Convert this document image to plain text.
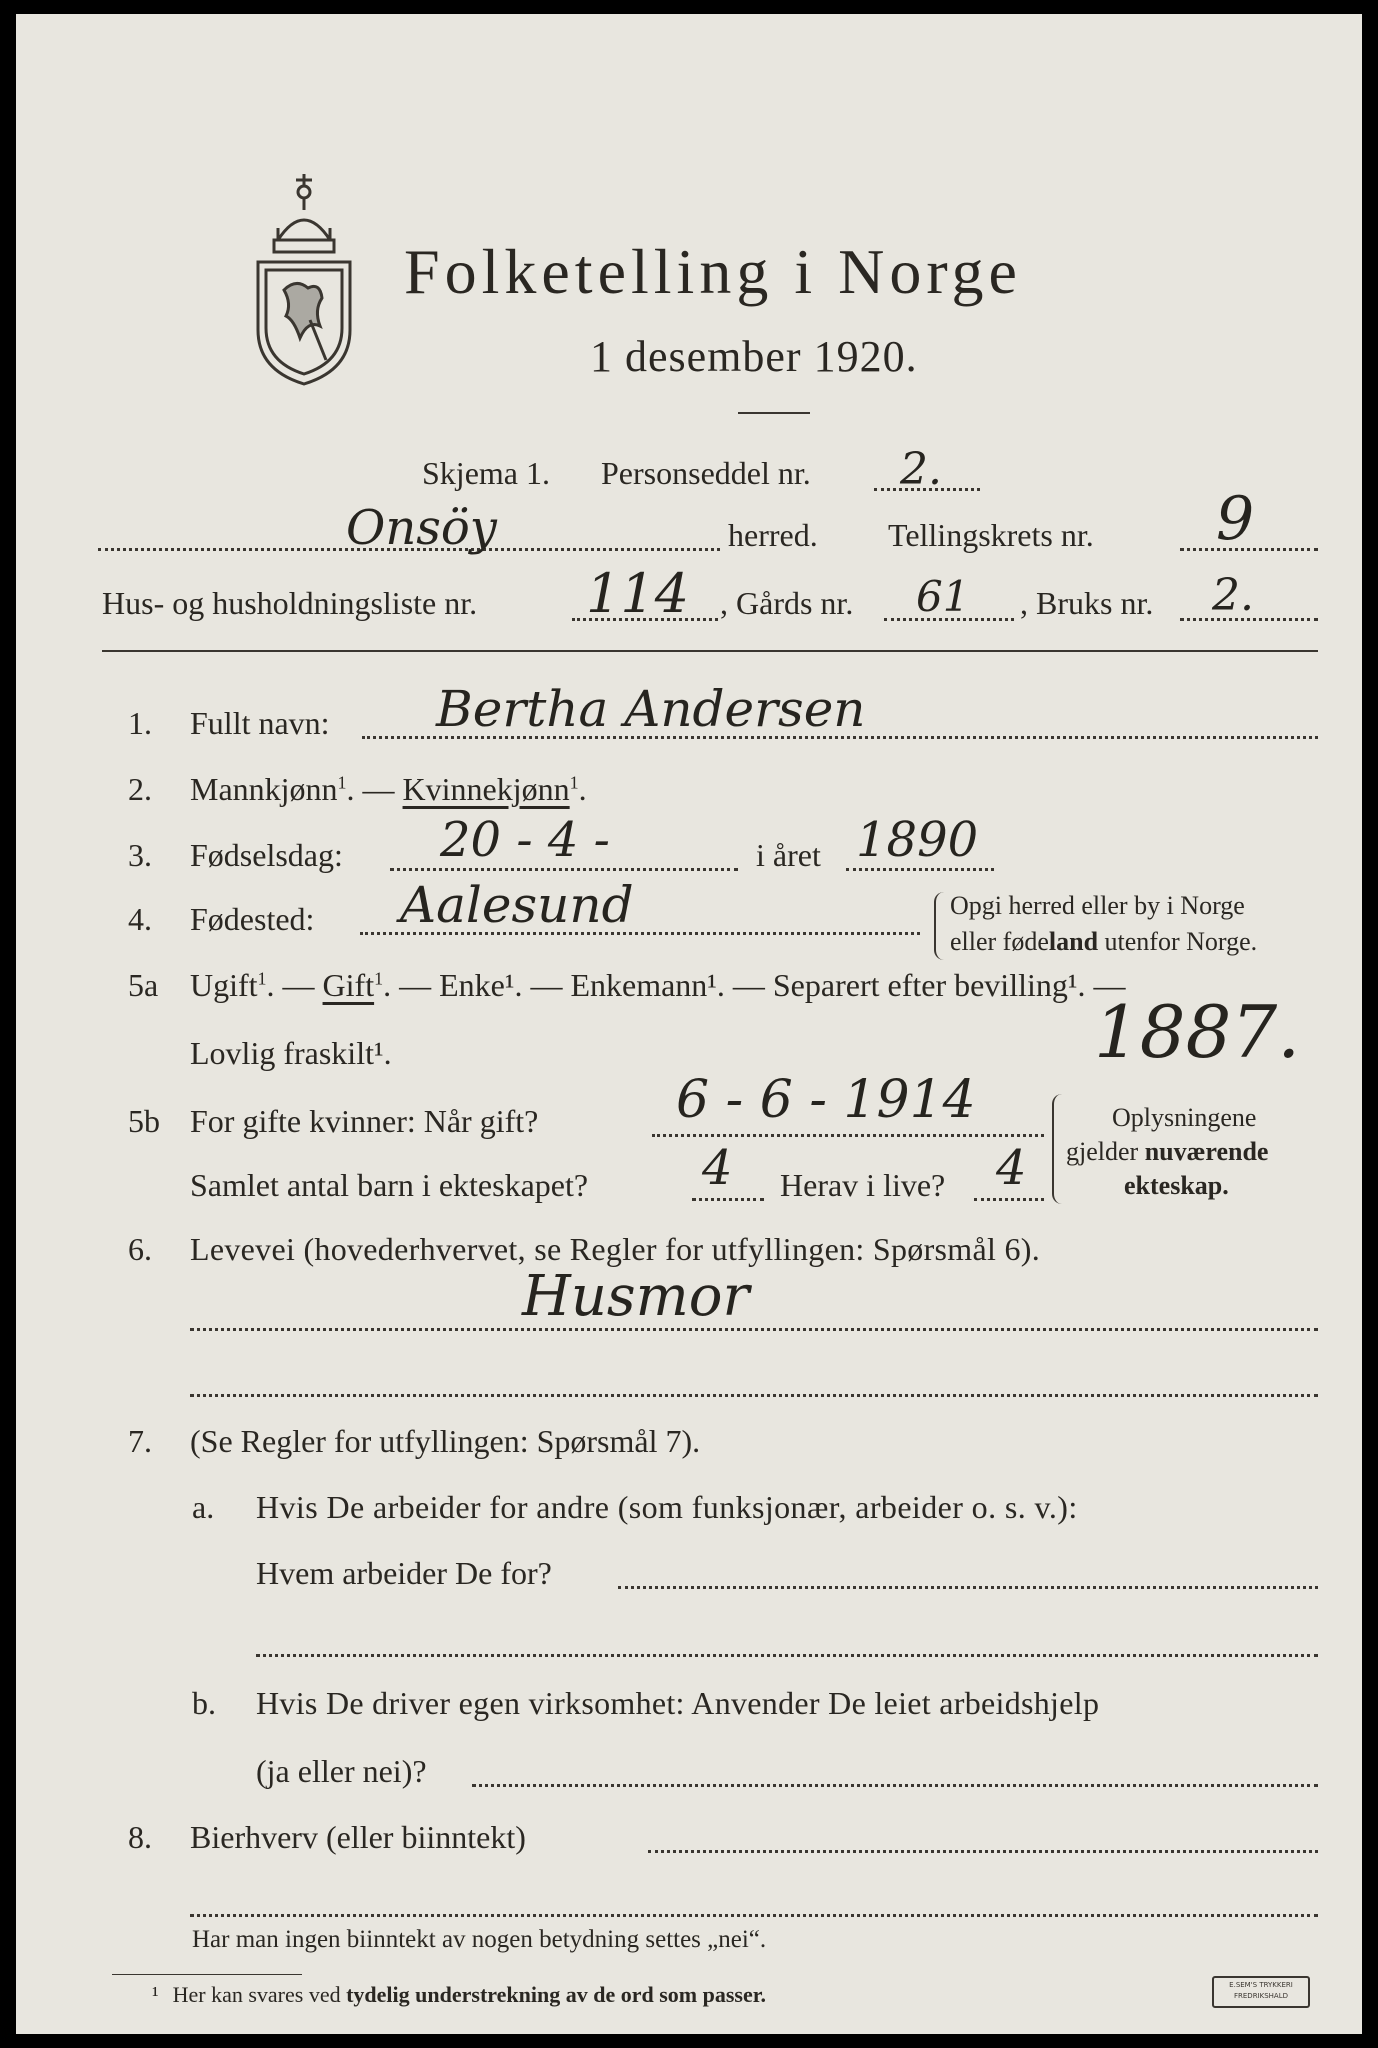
Folketelling i Norge
1 desember 1920.
Skjema 1. Personseddel nr. 2.
Onsöy	herred. Tellingskrets nr. 9
Hus- og husholdningsliste nr. 114 , Gårds nr. 61 , Bruks nr. 2.
1. Fullt navn: Bertha Andersen
2. Mannkjønn$^1$. — Kvinnekjønn$^1$.
3. Fødselsdag: 20 - 4 -	i året 1890
4. Fødested: Aalesund	Opgi herred eller by i Norge
eller fødeland utenfor Norge.
5a Ugift$^1$. — Gift$^1$. — Enke¹. — Enkemann¹. — Separert efter bevilling¹. —
Lovlig fraskilt¹.	1887.
5b For gifte kvinner: Når gift?	6 - 6 - 1914
Samlet antal barn i ekteskapet? 4 Herav i live? 4
Oplysningene
gjelder nuværende
ekteskap.
6. Levevei (hovederhvervet, se Regler for utfyllingen: Spørsmål 6).
Husmor
7. (Se Regler for utfyllingen: Spørsmål 7).
a. Hvis De arbeider for andre (som funksjonær, arbeider o. s. v.):
Hvem arbeider De for?
b. Hvis De driver egen virksomhet: Anvender De leiet arbeidshjelp
(ja eller nei)?
8. Bierhverv (eller biinntekt)
Har man ingen biinntekt av nogen betydning settes „nei“.
¹ Her kan svares ved tydelig understrekning av de ord som passer.	E.SEM'S TRYKKERI
FREDRIKSHALD
